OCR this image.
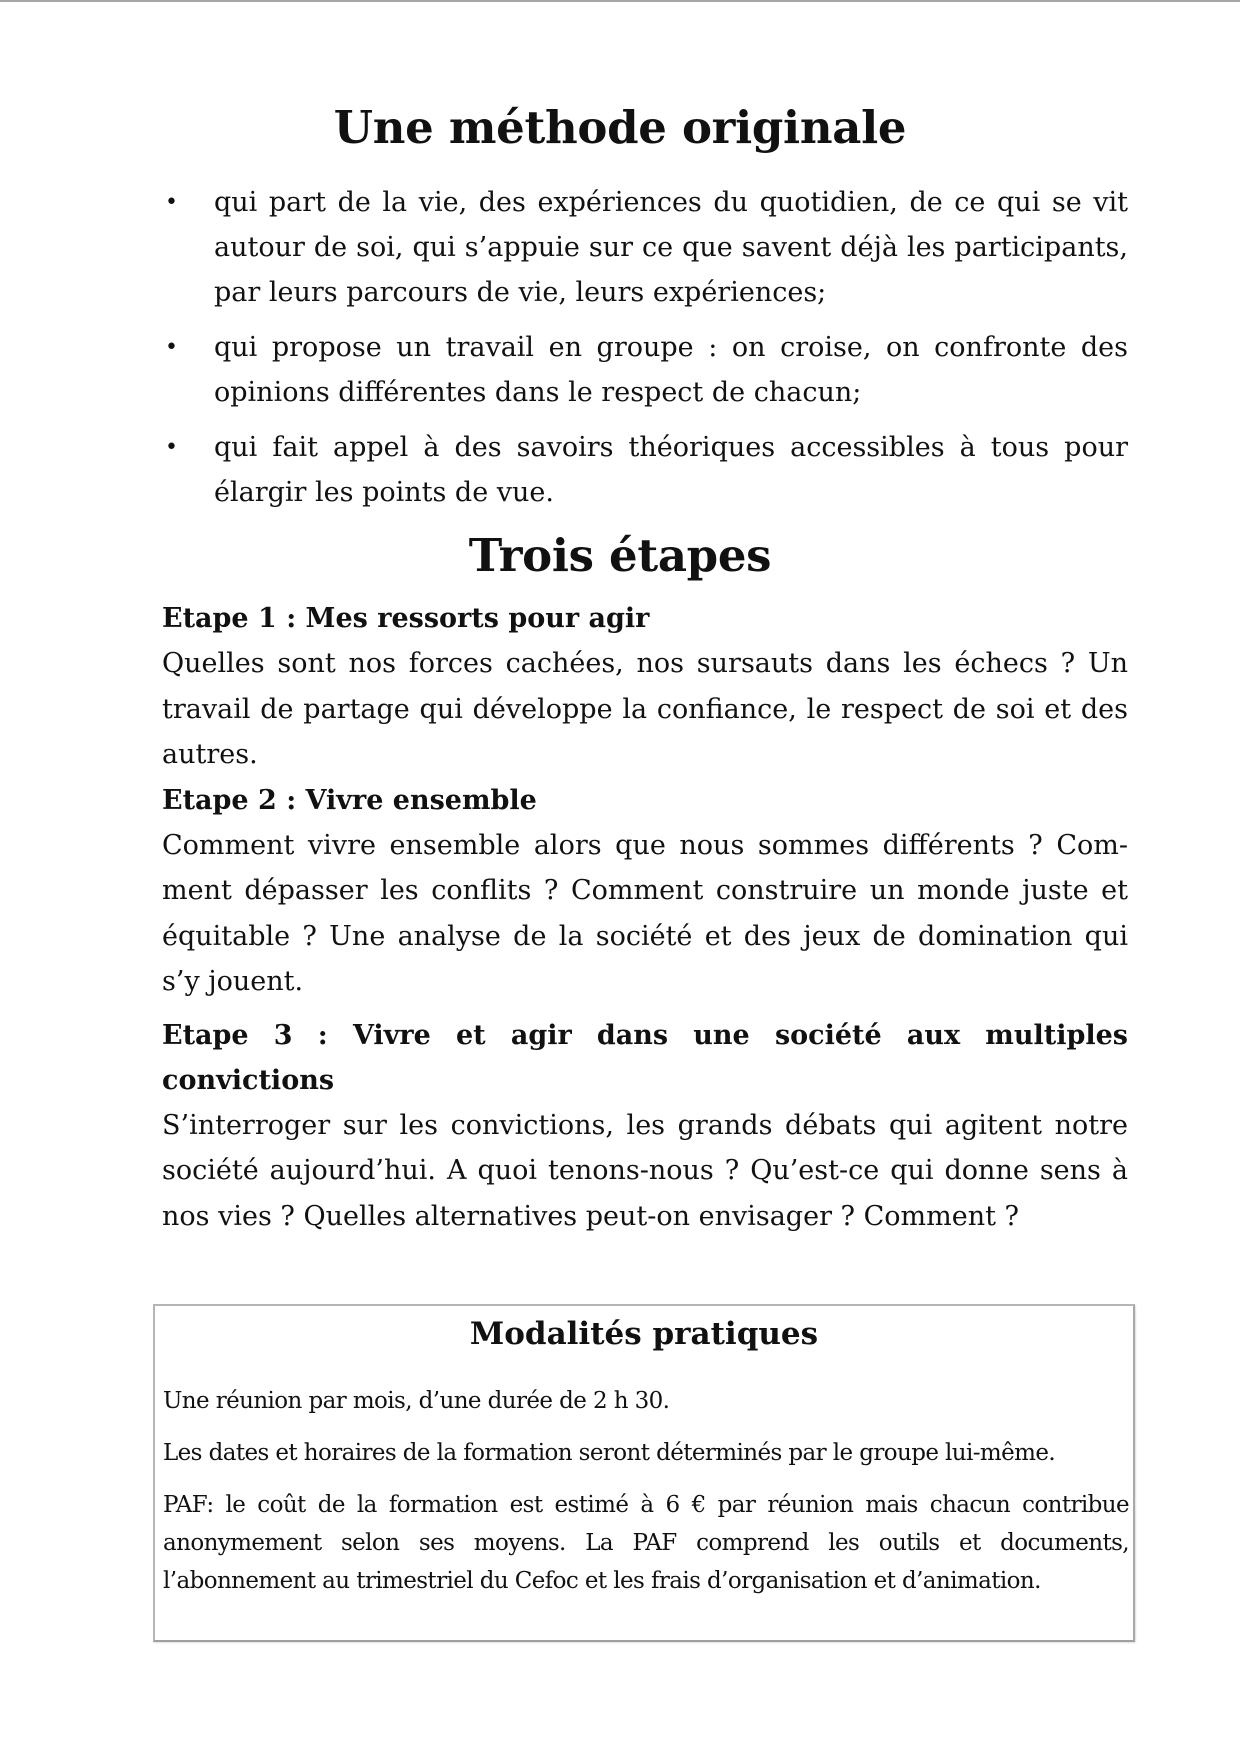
Une méthode originale
• qui part de la vie, des expériences du quotidien, de ce qui se vit autour de soi, qui s’appuie sur ce que savent déjà les participants, par leurs parcours de vie, leurs expériences;
• qui propose un travail en groupe : on croise, on confronte des opinions différentes dans le respect de chacun;
• qui fait appel à des savoirs théoriques accessibles à tous pour élargir les points de vue.
Trois étapes
Etape 1 : Mes ressorts pour agir

Quelles sont nos forces cachées, nos sursauts dans les échecs ? Un travail de partage qui développe la confiance, le respect de soi et des autres.

Etape 2 : Vivre ensemble

Comment vivre ensemble alors que nous sommes différents ? Comment dépasser les conflits ? Comment construire un monde juste et équitable ? Une analyse de la société et des jeux de domination qui s’y jouent.

Etape 3 : Vivre et agir dans une société aux multiples convictions

S’interroger sur les convictions, les grands débats qui agitent notre société aujourd’hui. A quoi tenons-nous ? Qu’est-ce qui donne sens à nos vies ? Quelles alternatives peut-on envisager ? Comment ?

Modalités pratiques

Une réunion par mois, d’une durée de 2 h 30.

Les dates et horaires de la formation seront déterminés par le groupe lui-même.

PAF: le coût de la formation est estimé à 6 € par réunion mais chacun contribue anonymement selon ses moyens. La PAF comprend les outils et documents, l’abonnement au trimestriel du Cefoc et les frais d’organisation et d’animation.
